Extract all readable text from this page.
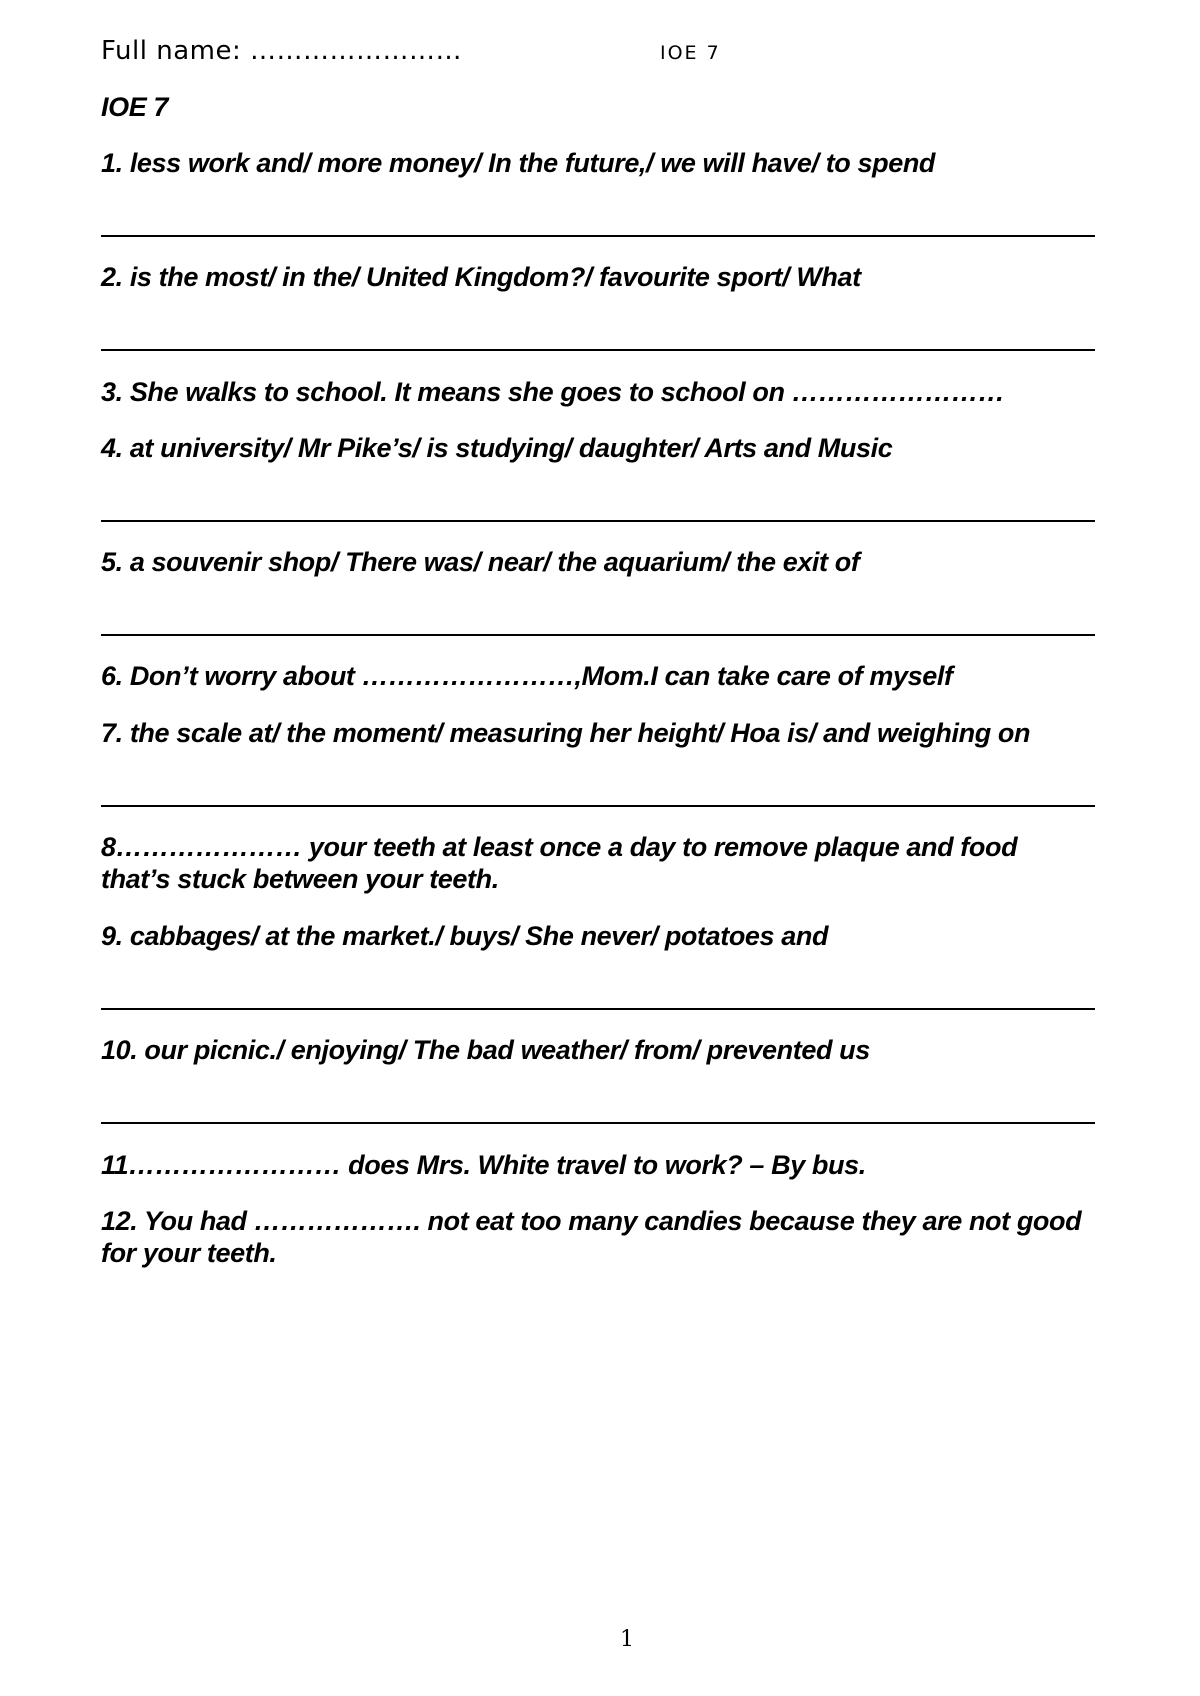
Full name: ……………………	IOE 7
IOE 7
1. less work and/ more money/ In the future,/ we will have/ to spend
2. is the most/ in the/ United Kingdom?/ favourite sport/ What
3. She walks to school. It means she goes to school on ……………………
4. at university/ Mr Pike’s/ is studying/ daughter/ Arts and Music
5. a souvenir shop/ There was/ near/ the aquarium/ the exit of
6. Don’t worry about ……………………,Mom.I can take care of myself
7. the scale at/ the moment/ measuring her height/ Hoa is/ and weighing on
8………………… your teeth at least once a day to remove plaque and food
that’s stuck between your teeth.
9. cabbages/ at the market./ buys/ She never/ potatoes and
10. our picnic./ enjoying/ The bad weather/ from/ prevented us
11…………………… does Mrs. White travel to work? – By bus.
12. You had ………………. not eat too many candies because they are not good
for your teeth.
1
